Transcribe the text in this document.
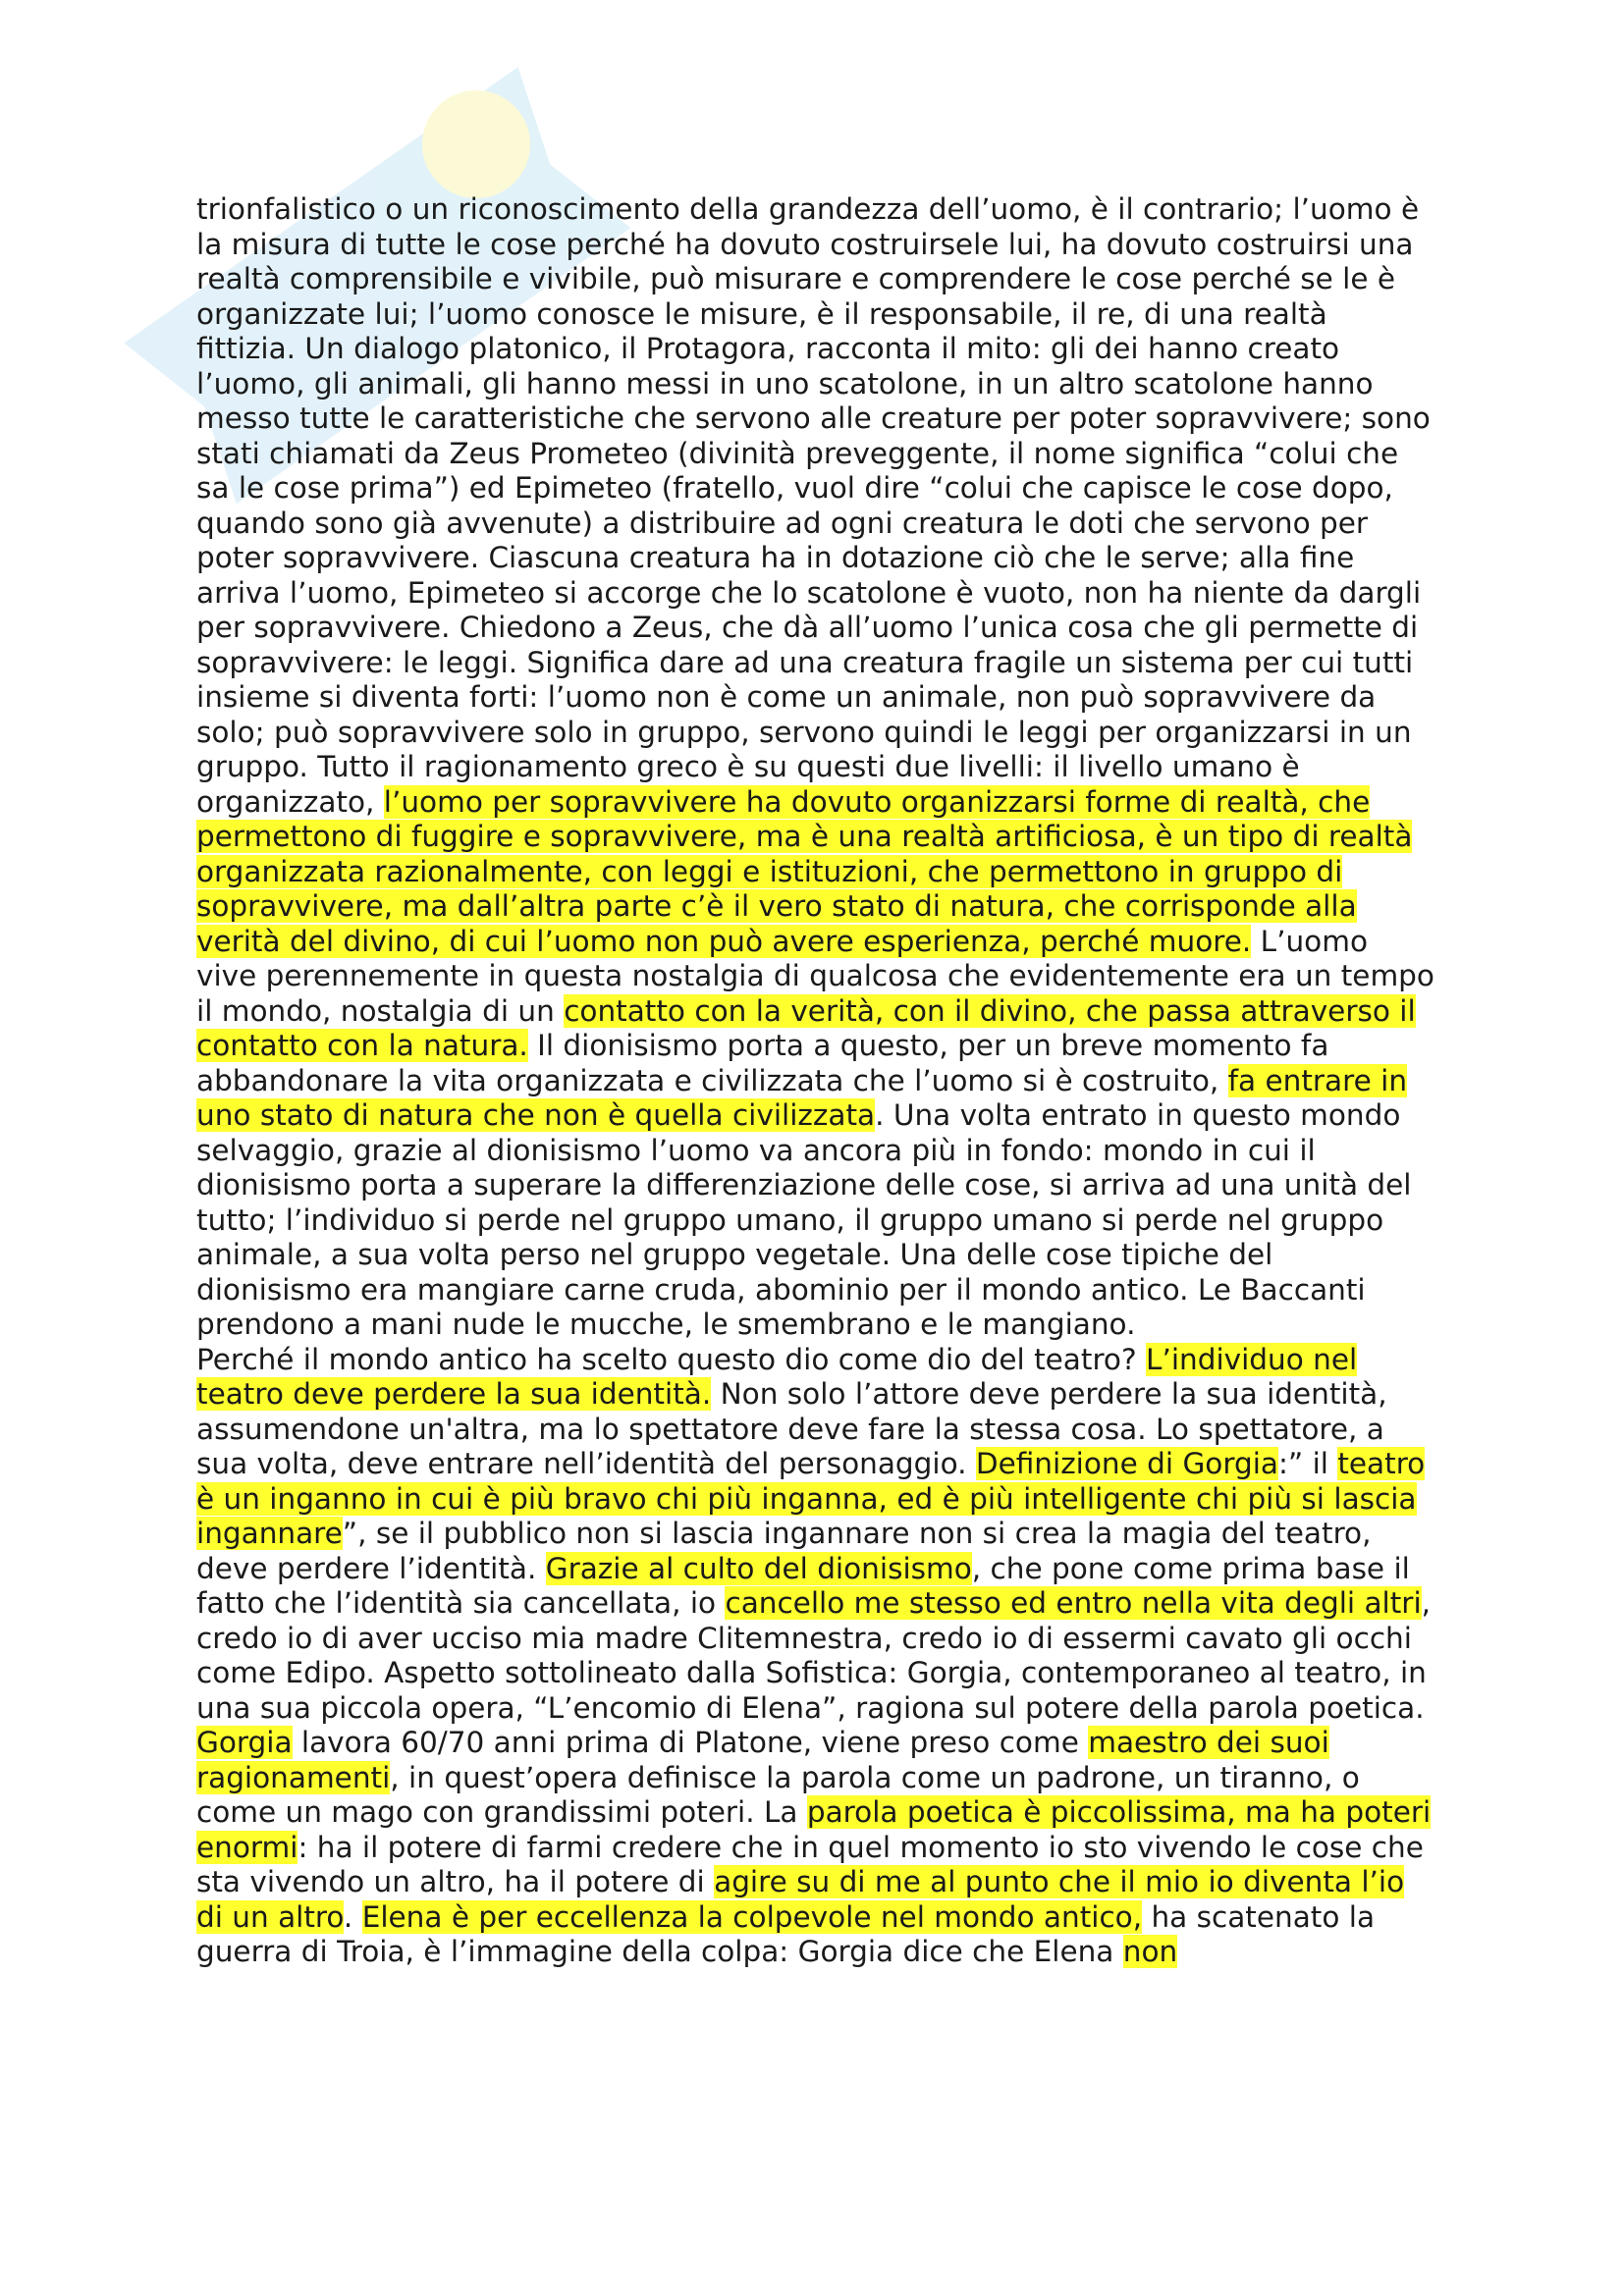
trionfalistico o un riconoscimento della grandezza dell’uomo, è il contrario; l’uomo è la misura di tutte le cose perché ha dovuto costruirsele lui, ha dovuto costruirsi una realtà comprensibile e vivibile, può misurare e comprendere le cose perché se le è organizzate lui; l’uomo conosce le misure, è il responsabile, il re, di una realtà fittizia. Un dialogo platonico, il Protagora, racconta il mito: gli dei hanno creato l’uomo, gli animali, gli hanno messi in uno scatolone, in un altro scatolone hanno messo tutte le caratteristiche che servono alle creature per poter sopravvivere; sono stati chiamati da Zeus Prometeo (divinità preveggente, il nome significa “colui che sa le cose prima”) ed Epimeteo (fratello, vuol dire “colui che capisce le cose dopo, quando sono già avvenute) a distribuire ad ogni creatura le doti che servono per poter sopravvivere. Ciascuna creatura ha in dotazione ciò che le serve; alla fine arriva l’uomo, Epimeteo si accorge che lo scatolone è vuoto, non ha niente da dargli per sopravvivere. Chiedono a Zeus, che dà all’uomo l’unica cosa che gli permette di sopravvivere: le leggi. Significa dare ad una creatura fragile un sistema per cui tutti insieme si diventa forti: l’uomo non è come un animale, non può sopravvivere da solo; può sopravvivere solo in gruppo, servono quindi le leggi per organizzarsi in un gruppo. Tutto il ragionamento greco è su questi due livelli: il livello umano è organizzato, l’uomo per sopravvivere ha dovuto organizzarsi forme di realtà, che permettono di fuggire e sopravvivere, ma è una realtà artificiosa, è un tipo di realtà organizzata razionalmente, con leggi e istituzioni, che permettono in gruppo di sopravvivere, ma dall’altra parte c’è il vero stato di natura, che corrisponde alla verità del divino, di cui l’uomo non può avere esperienza, perché muore. L’uomo vive perennemente in questa nostalgia di qualcosa che evidentemente era un tempo il mondo, nostalgia di un contatto con la verità, con il divino, che passa attraverso il contatto con la natura. Il dionisismo porta a questo, per un breve momento fa abbandonare la vita organizzata e civilizzata che l’uomo si è costruito, fa entrare in uno stato di natura che non è quella civilizzata. Una volta entrato in questo mondo selvaggio, grazie al dionisismo l’uomo va ancora più in fondo: mondo in cui il dionisismo porta a superare la differenziazione delle cose, si arriva ad una unità del tutto; l’individuo si perde nel gruppo umano, il gruppo umano si perde nel gruppo animale, a sua volta perso nel gruppo vegetale. Una delle cose tipiche del dionisismo era mangiare carne cruda, abominio per il mondo antico. Le Baccanti prendono a mani nude le mucche, le smembrano e le mangiano.

Perché il mondo antico ha scelto questo dio come dio del teatro? L’individuo nel teatro deve perdere la sua identità. Non solo l’attore deve perdere la sua identità, assumendone un'altra, ma lo spettatore deve fare la stessa cosa. Lo spettatore, a sua volta, deve entrare nell’identità del personaggio. Definizione di Gorgia:” il teatro è un inganno in cui è più bravo chi più inganna, ed è più intelligente chi più si lascia ingannare”, se il pubblico non si lascia ingannare non si crea la magia del teatro, deve perdere l’identità. Grazie al culto del dionisismo, che pone come prima base il fatto che l’identità sia cancellata, io cancello me stesso ed entro nella vita degli altri, credo io di aver ucciso mia madre Clitemnestra, credo io di essermi cavato gli occhi come Edipo. Aspetto sottolineato dalla Sofistica: Gorgia, contemporaneo al teatro, in una sua piccola opera, “L’encomio di Elena”, ragiona sul potere della parola poetica. Gorgia lavora 60/70 anni prima di Platone, viene preso come maestro dei suoi ragionamenti, in quest’opera definisce la parola come un padrone, un tiranno, o come un mago con grandissimi poteri. La parola poetica è piccolissima, ma ha poteri enormi: ha il potere di farmi credere che in quel momento io sto vivendo le cose che sta vivendo un altro, ha il potere di agire su di me al punto che il mio io diventa l’io di un altro. Elena è per eccellenza la colpevole nel mondo antico, ha scatenato la guerra di Troia, è l’immagine della colpa: Gorgia dice che Elena non
